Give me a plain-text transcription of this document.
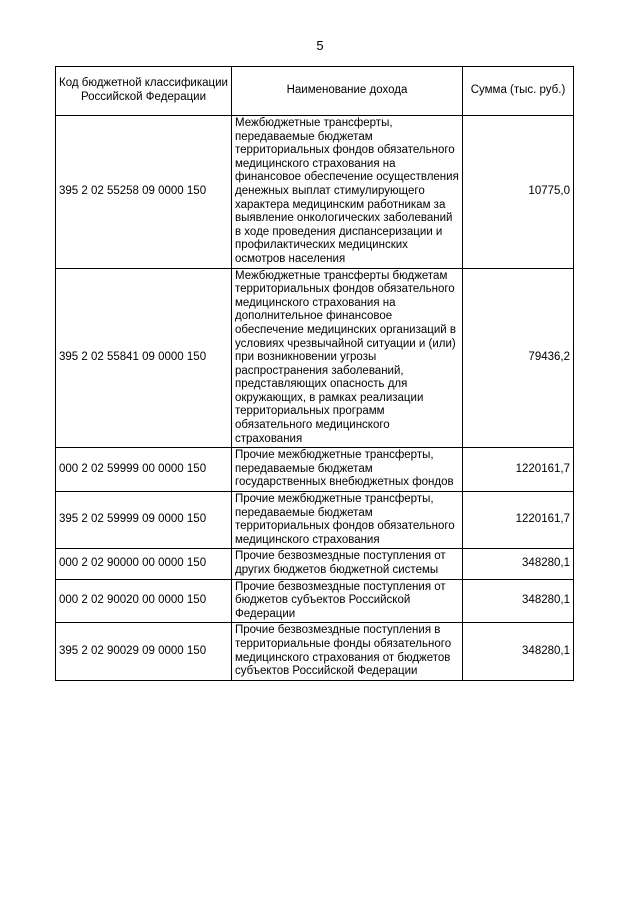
5
Код бюджетной классификации Российской Федерации	Наименование дохода	Сумма (тыс. руб.)
395 2 02 55258 09 0000 150	Межбюджетные трансферты, передаваемые бюджетам территориальных фондов обязательного медицинского страхования на финансовое обеспечение осуществления денежных выплат стимулирующего характера медицинским работникам за выявление онкологических заболеваний в ходе проведения диспансеризации и профилактических медицинских осмотров населения	10775,0
395 2 02 55841 09 0000 150	Межбюджетные трансферты бюджетам территориальных фондов обязательного медицинского страхования на дополнительное финансовое обеспечение медицинских организаций в условиях чрезвычайной ситуации и (или) при возникновении угрозы распространения заболеваний, представляющих опасность для окружающих, в рамках реализации территориальных программ обязательного медицинского страхования	79436,2
000 2 02 59999 00 0000 150	Прочие межбюджетные трансферты, передаваемые бюджетам государственных внебюджетных фондов	1220161,7
395 2 02 59999 09 0000 150	Прочие межбюджетные трансферты, передаваемые бюджетам территориальных фондов обязательного медицинского страхования	1220161,7
000 2 02 90000 00 0000 150	Прочие безвозмездные поступления от других бюджетов бюджетной системы	348280,1
000 2 02 90020 00 0000 150	Прочие безвозмездные поступления от бюджетов субъектов Российской Федерации	348280,1
395 2 02 90029 09 0000 150	Прочие безвозмездные поступления в территориальные фонды обязательного медицинского страхования от бюджетов субъектов Российской Федерации	348280,1
